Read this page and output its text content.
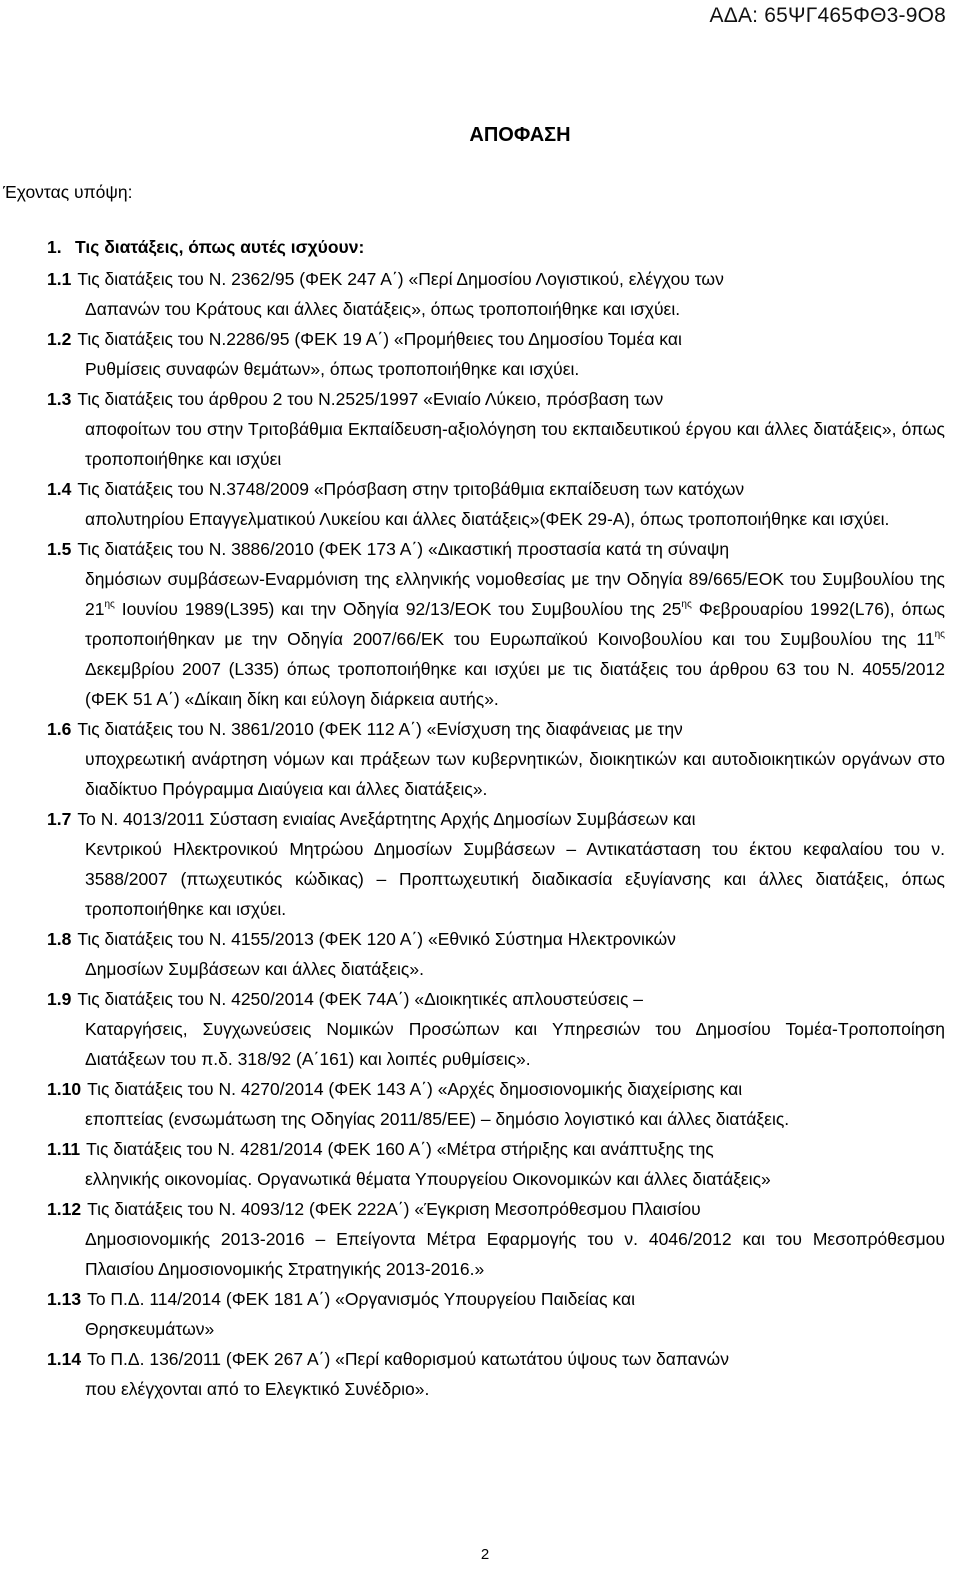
ΑΔΑ: 65ΨΓ465ΦΘ3-9Ο8
ΑΠΟΦΑΣΗ
Έχοντας υπόψη:
1. Τις διατάξεις, όπως αυτές ισχύουν:

1.1 Τις διατάξεις του Ν. 2362/95 (ΦΕΚ 247 Α΄) «Περί Δημοσίου Λογιστικού, ελέγχου των
Δαπανών του Κράτους και άλλες διατάξεις», όπως τροποποιήθηκε και ισχύει.

1.2 Τις διατάξεις του Ν.2286/95 (ΦΕΚ 19 Α΄) «Προμήθειες του Δημοσίου Τομέα και
Ρυθμίσεις συναφών θεμάτων», όπως τροποποιήθηκε και ισχύει.

1.3 Τις διατάξεις του άρθρου 2 του Ν.2525/1997 «Ενιαίο Λύκειο, πρόσβαση των
αποφοίτων του στην Τριτοβάθμια Εκπαίδευση-αξιολόγηση του εκπαιδευτικού έργου και άλλες διατάξεις», όπως τροποποιήθηκε και ισχύει

1.4 Τις διατάξεις του Ν.3748/2009 «Πρόσβαση στην τριτοβάθμια εκπαίδευση των κατόχων
απολυτηρίου Επαγγελματικού Λυκείου και άλλες διατάξεις»(ΦΕΚ 29-Α), όπως τροποποιήθηκε και ισχύει.

1.5 Τις διατάξεις του Ν. 3886/2010 (ΦΕΚ 173 Α΄) «Δικαστική προστασία κατά τη σύναψη
δημόσιων συμβάσεων-Εναρμόνιση της ελληνικής νομοθεσίας με την Οδηγία 89/665/ΕΟΚ του Συμβουλίου της $21^{\eta\varsigma}$ Ιουνίου 1989(L395) και την Οδηγία 92/13/ΕΟΚ του Συμβουλίου της $25^{\eta\varsigma}$ Φεβρουαρίου 1992(L76), όπως τροποποιήθηκαν με την Οδηγία 2007/66/ΕΚ του Ευρωπαϊκού Κοινοβουλίου και του Συμβουλίου της $11^{\eta\varsigma}$ Δεκεμβρίου 2007 (L335) όπως τροποποιήθηκε και ισχύει με τις διατάξεις του άρθρου 63 του Ν. 4055/2012 (ΦΕΚ 51 Α΄) «Δίκαιη δίκη και εύλογη διάρκεια αυτής».

1.6 Τις διατάξεις του Ν. 3861/2010 (ΦΕΚ 112 Α΄) «Ενίσχυση της διαφάνειας με την
υποχρεωτική ανάρτηση νόμων και πράξεων των κυβερνητικών, διοικητικών και αυτοδιοικητικών οργάνων στο διαδίκτυο Πρόγραμμα Διαύγεια και άλλες διατάξεις».

1.7 Το Ν. 4013/2011 Σύσταση ενιαίας Ανεξάρτητης Αρχής Δημοσίων Συμβάσεων και
Κεντρικού Ηλεκτρονικού Μητρώου Δημοσίων Συμβάσεων – Αντικατάσταση του έκτου κεφαλαίου του ν. 3588/2007 (πτωχευτικός κώδικας) – Προπτωχευτική διαδικασία εξυγίανσης και άλλες διατάξεις, όπως τροποποιήθηκε και ισχύει.

1.8 Τις διατάξεις του Ν. 4155/2013 (ΦΕΚ 120 Α΄) «Εθνικό Σύστημα Ηλεκτρονικών
Δημοσίων Συμβάσεων και άλλες διατάξεις».

1.9 Τις διατάξεις του Ν. 4250/2014 (ΦΕΚ 74Α΄) «Διοικητικές απλουστεύσεις –
Καταργήσεις, Συγχωνεύσεις Νομικών Προσώπων και Υπηρεσιών του Δημοσίου Τομέα-Τροποποίηση Διατάξεων του π.δ. 318/92 (Α΄161) και λοιπές ρυθμίσεις».

1.10 Τις διατάξεις του Ν. 4270/2014 (ΦΕΚ 143 Α΄) «Αρχές δημοσιονομικής διαχείρισης και
εποπτείας (ενσωμάτωση της Οδηγίας 2011/85/ΕΕ) – δημόσιο λογιστικό και άλλες διατάξεις.

1.11 Τις διατάξεις του Ν. 4281/2014 (ΦΕΚ 160 Α΄) «Μέτρα στήριξης και ανάπτυξης της
ελληνικής οικονομίας. Οργανωτικά θέματα Υπουργείου Οικονομικών και άλλες διατάξεις»

1.12 Τις διατάξεις του Ν. 4093/12 (ΦΕΚ 222Α΄) «Έγκριση Μεσοπρόθεσμου Πλαισίου
Δημοσιονομικής 2013-2016 – Επείγοντα Μέτρα Εφαρμογής του ν. 4046/2012 και του Μεσοπρόθεσμου Πλαισίου Δημοσιονομικής Στρατηγικής 2013-2016.»

1.13 Το Π.Δ. 114/2014 (ΦΕΚ 181 Α΄) «Οργανισμός Υπουργείου Παιδείας και
Θρησκευμάτων»

1.14 Το Π.Δ. 136/2011 (ΦΕΚ 267 Α΄) «Περί καθορισμού κατωτάτου ύψους των δαπανών
που ελέγχονται από το Ελεγκτικό Συνέδριο».

2
